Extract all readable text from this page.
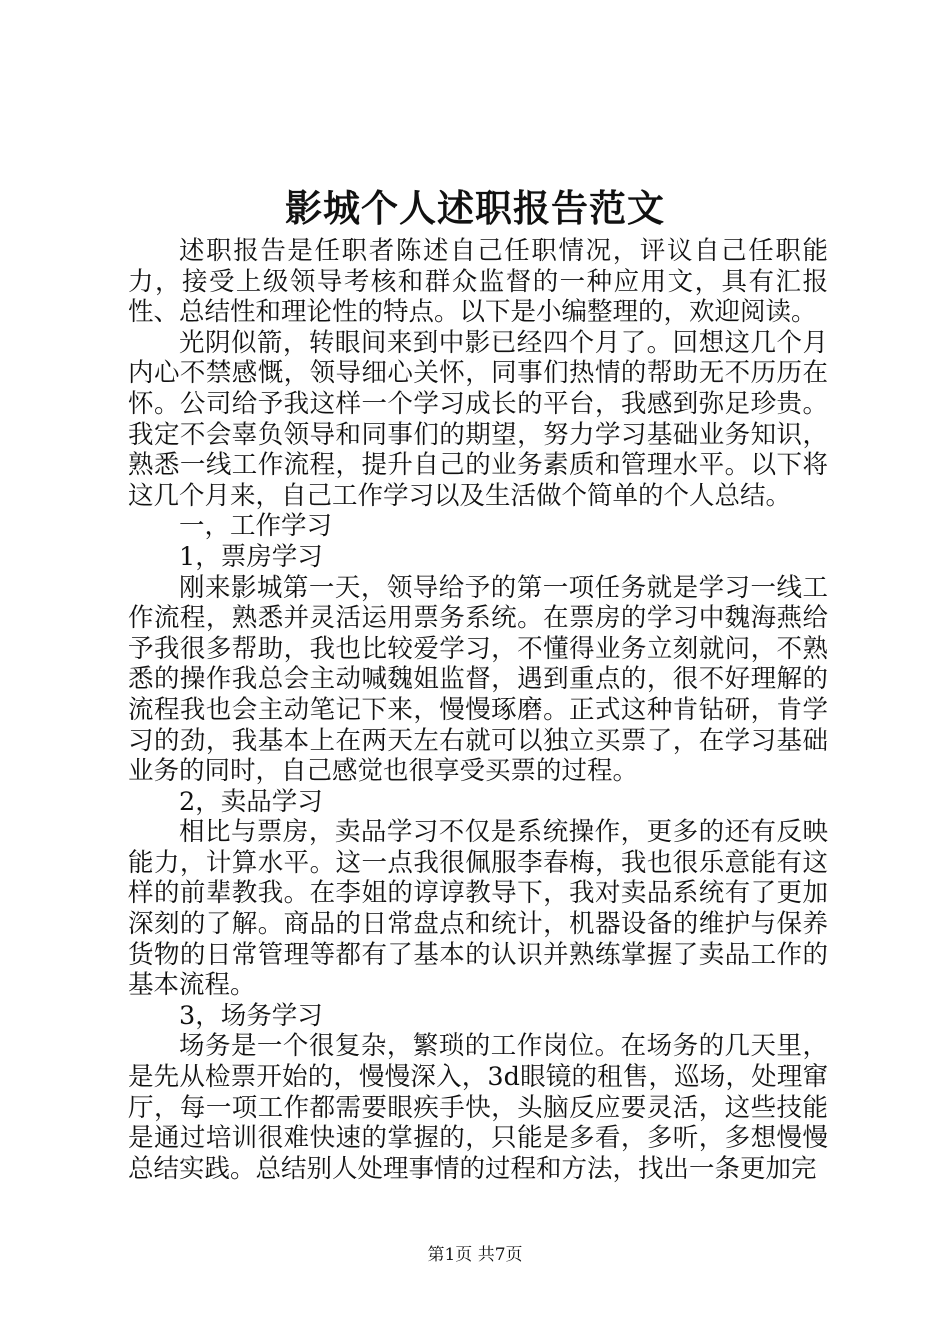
影城个人述职报告范文

述职报告是任职者陈述自己任职情况，评议自己任职能力，接受上级领导考核和群众监督的一种应用文，具有汇报性、总结性和理论性的特点。以下是小编整理的，欢迎阅读。

光阴似箭，转眼间来到中影已经四个月了。回想这几个月内心不禁感慨，领导细心关怀，同事们热情的帮助无不历历在怀。公司给予我这样一个学习成长的平台，我感到弥足珍贵。我定不会辜负领导和同事们的期望，努力学习基础业务知识，熟悉一线工作流程，提升自己的业务素质和管理水平。以下将这几个月来，自己工作学习以及生活做个简单的个人总结。

一，工作学习

1，票房学习

刚来影城第一天，领导给予的第一项任务就是学习一线工作流程，熟悉并灵活运用票务系统。在票房的学习中魏海燕给予我很多帮助，我也比较爱学习，不懂得业务立刻就问，不熟悉的操作我总会主动喊魏姐监督，遇到重点的，很不好理解的流程我也会主动笔记下来，慢慢琢磨。正式这种肯钻研，肯学习的劲，我基本上在两天左右就可以独立买票了，在学习基础业务的同时，自己感觉也很享受买票的过程。

2，卖品学习

相比与票房，卖品学习不仅是系统操作，更多的还有反映能力，计算水平。这一点我很佩服李春梅，我也很乐意能有这样的前辈教我。在李姐的谆谆教导下，我对卖品系统有了更加深刻的了解。商品的日常盘点和统计，机器设备的维护与保养货物的日常管理等都有了基本的认识并熟练掌握了卖品工作的基本流程。

3，场务学习

场务是一个很复杂，繁琐的工作岗位。在场务的几天里，是先从检票开始的，慢慢深入，3d眼镜的租售，巡场，处理窜厅，每一项工作都需要眼疾手快，头脑反应要灵活，这些技能是通过培训很难快速的掌握的，只能是多看，多听，多想慢慢总结实践。总结别人处理事情的过程和方法，找出一条更加完

第1页 共7页
